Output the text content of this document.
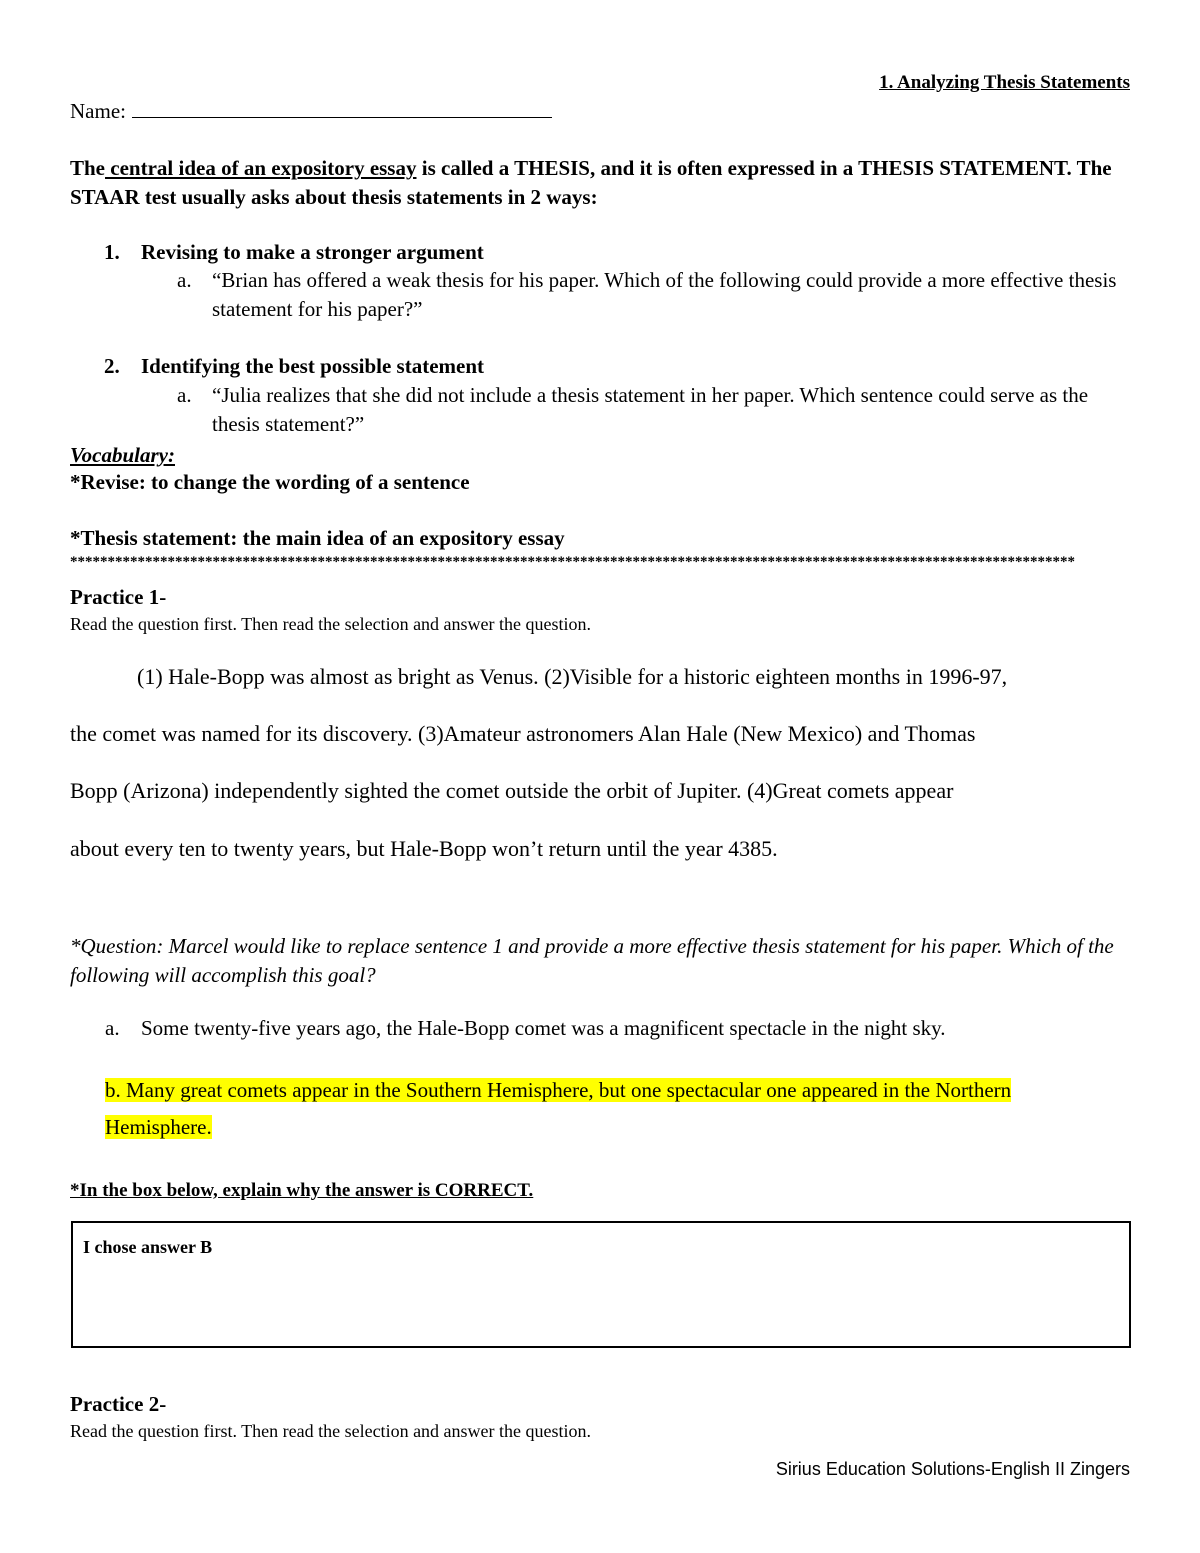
1. Analyzing Thesis Statements
Name:
The central idea of an expository essay is called a THESIS, and it is often expressed in a THESIS STATEMENT. The STAAR test usually asks about thesis statements in 2 ways:
1. Revising to make a stronger argument
a. “Brian has offered a weak thesis for his paper. Which of the following could provide a more effective thesis statement for his paper?”
2. Identifying the best possible statement
a. “Julia realizes that she did not include a thesis statement in her paper. Which sentence could serve as the thesis statement?”
Vocabulary:
*Revise: to change the wording of a sentence
*Thesis statement: the main idea of an expository essay
**************************************************************************************************************************************
Practice 1-
Read the question first. Then read the selection and answer the question.
(1) Hale-Bopp was almost as bright as Venus. (2)Visible for a historic eighteen months in 1996-97,
the comet was named for its discovery. (3)Amateur astronomers Alan Hale (New Mexico) and Thomas
Bopp (Arizona) independently sighted the comet outside the orbit of Jupiter. (4)Great comets appear
about every ten to twenty years, but Hale-Bopp won’t return until the year 4385.
*Question: Marcel would like to replace sentence 1 and provide a more effective thesis statement for his paper. Which of the following will accomplish this goal?
a. Some twenty-five years ago, the Hale-Bopp comet was a magnificent spectacle in the night sky.
b. Many great comets appear in the Southern Hemisphere, but one spectacular one appeared in the Northern Hemisphere.
*In the box below, explain why the answer is CORRECT.
I chose answer B
Practice 2-
Read the question first. Then read the selection and answer the question.
Sirius Education Solutions-English II Zingers
